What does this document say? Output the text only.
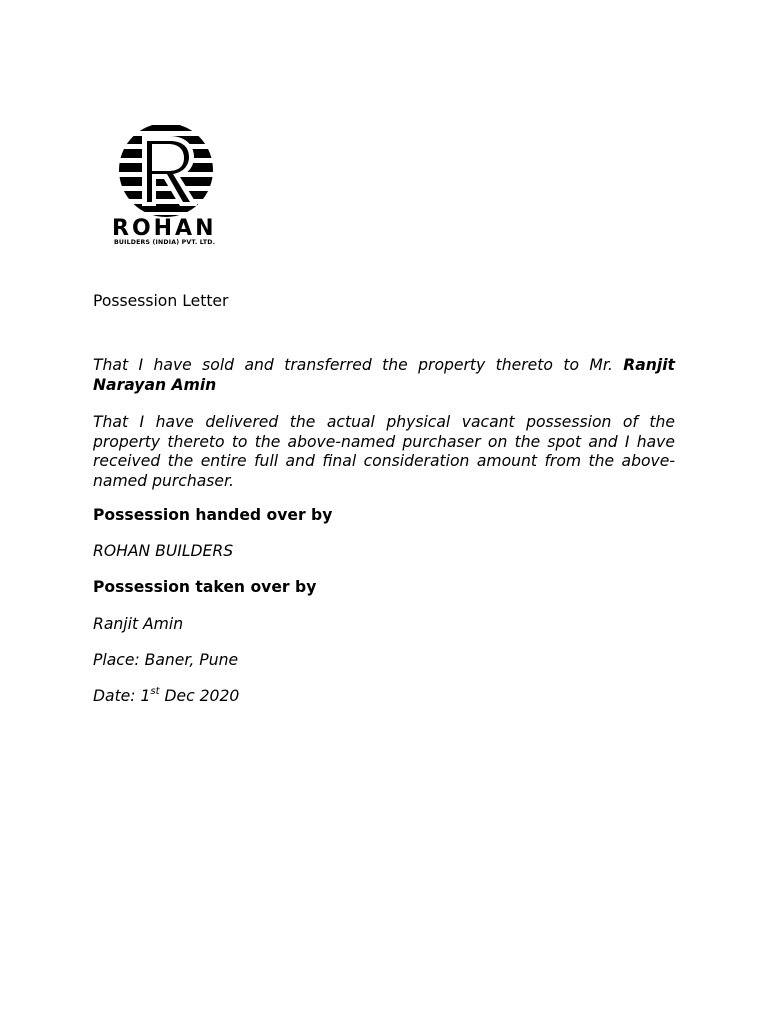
ROHAN
BUILDERS (INDIA) PVT. LTD.
Possession Letter
That I have sold and transferred the property thereto to Mr. Ranjit Narayan Amin
That I have delivered the actual physical vacant possession of the property thereto to the above-named purchaser on the spot and I have received the entire full and final consideration amount from the above-named purchaser.
Possession handed over by
ROHAN BUILDERS
Possession taken over by
Ranjit Amin
Place: Baner, Pune
Date: 1st Dec 2020
